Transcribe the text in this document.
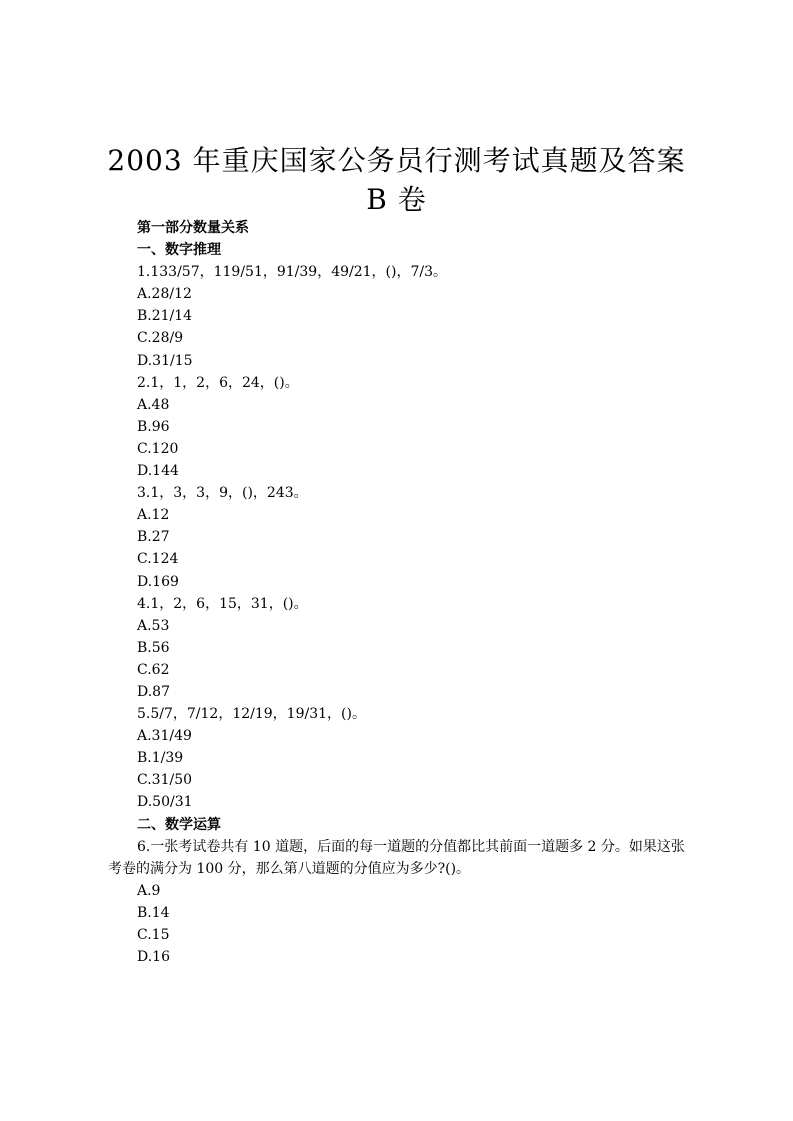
2003 年重庆国家公务员行测考试真题及答案
B 卷
第一部分数量关系
一、数字推理
1.133/57，119/51，91/39，49/21，()，7/3。
A.28/12
B.21/14
C.28/9
D.31/15
2.1，1，2，6，24，()。
A.48
B.96
C.120
D.144
3.1，3，3，9，()，243。
A.12
B.27
C.124
D.169
4.1，2，6，15，31，()。
A.53
B.56
C.62
D.87
5.5/7，7/12，12/19，19/31，()。
A.31/49
B.1/39
C.31/50
D.50/31
二、数学运算
6.一张考试卷共有 10 道题，后面的每一道题的分值都比其前面一道题多 2 分。如果这张考卷的满分为 100 分，那么第八道题的分值应为多少?()。
A.9
B.14
C.15
D.16
